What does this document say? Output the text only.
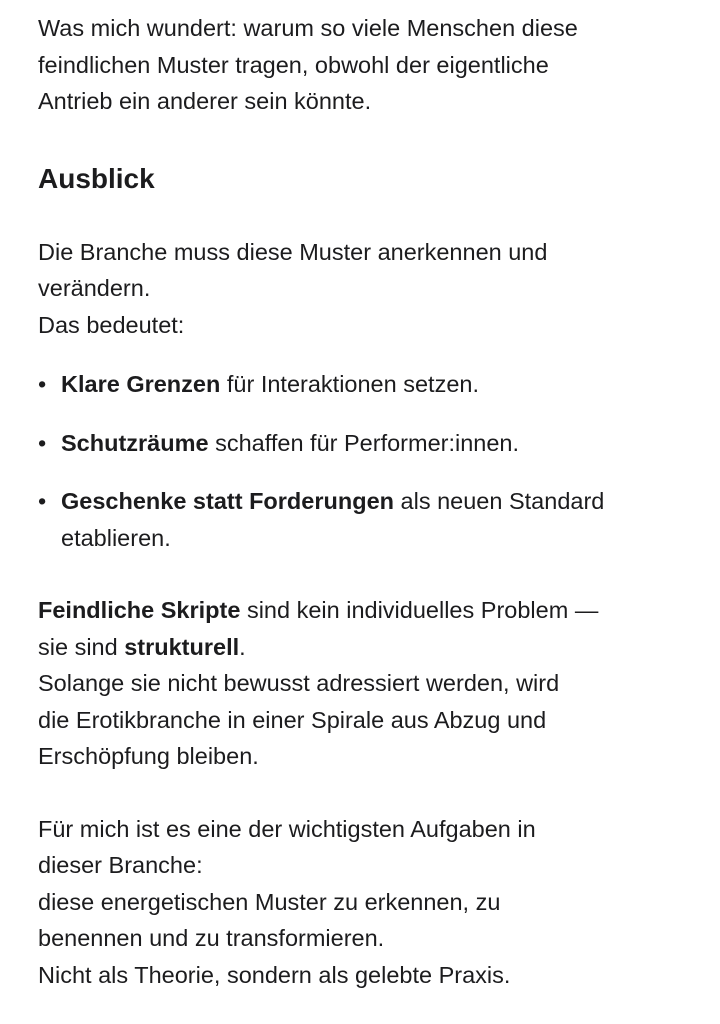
Was mich wundert: warum so viele Menschen diese
feindlichen Muster tragen, obwohl der eigentliche
Antrieb ein anderer sein könnte.

Ausblick

Die Branche muss diese Muster anerkennen und
verändern.
Das bedeutet:

• Klare Grenzen für Interaktionen setzen.
• Schutzräume schaffen für Performer:innen.
• Geschenke statt Forderungen als neuen Standard
etablieren.

Feindliche Skripte sind kein individuelles Problem —
sie sind strukturell.
Solange sie nicht bewusst adressiert werden, wird
die Erotikbranche in einer Spirale aus Abzug und
Erschöpfung bleiben.

Für mich ist es eine der wichtigsten Aufgaben in
dieser Branche:
diese energetischen Muster zu erkennen, zu
benennen und zu transformieren.
Nicht als Theorie, sondern als gelebte Praxis.
